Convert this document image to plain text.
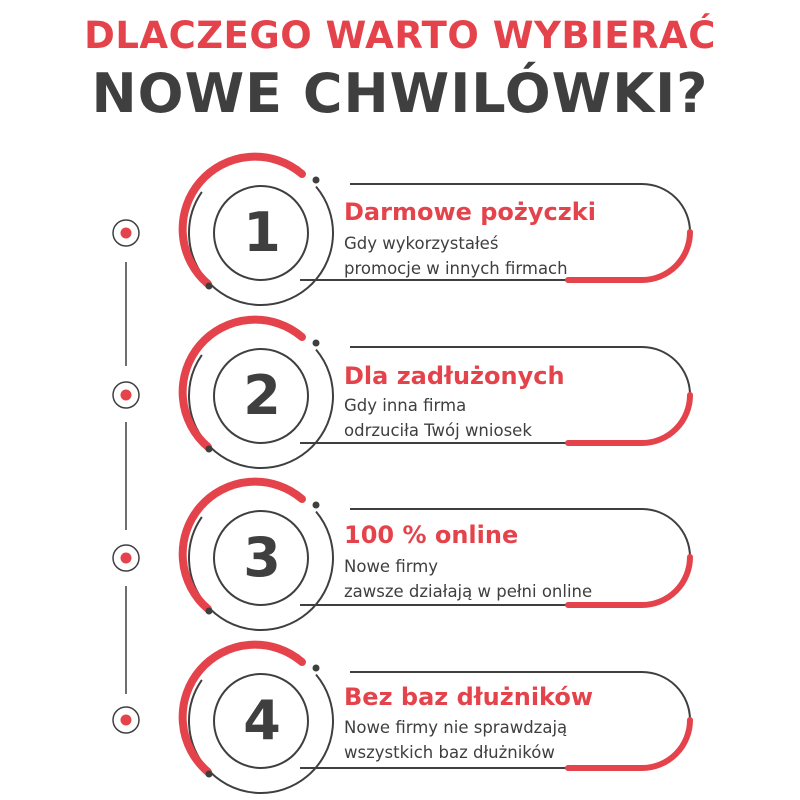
DLACZEGO WARTO WYBIERAĆ
NOWE CHWILÓWKI?
1	Darmowe pożyczki
Gdy wykorzystałeś
promocje w innych firmach
2	Dla zadłużonych
Gdy inna firma
odrzuciła Twój wniosek
3	100 % online
Nowe firmy
zawsze działają w pełni online
4	Bez baz dłużników
Nowe firmy nie sprawdzają
wszystkich baz dłużników
